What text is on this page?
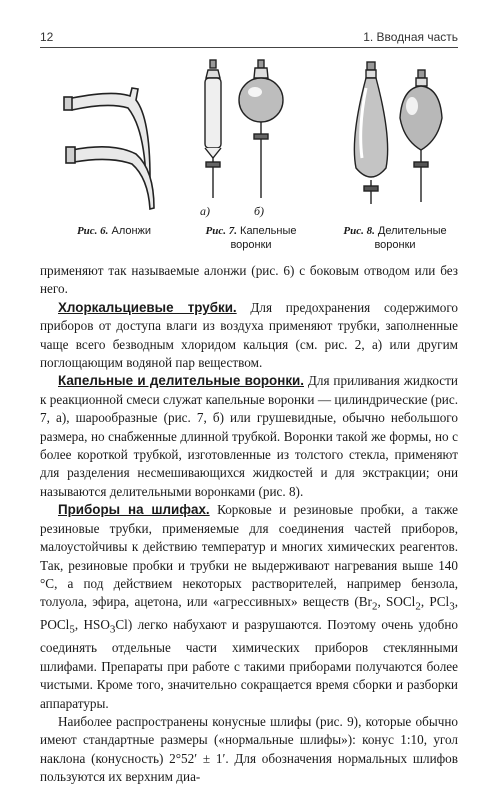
12	1. Вводная часть
а)	б)
Рис. 6. Алонжи	Рис. 7. Капельные
воронки
Рис. 8. Делительные
воронки

применяют так называемые алонжи (рис. 6) с боковым отводом или без него.

Хлоркальциевые трубки. Для предохранения содержимого приборов от доступа влаги из воздуха применяют трубки, заполненные чаще всего безводным хлоридом кальция (см. рис. 2, а) или другим поглощающим водяной пар веществом.

Капельные и делительные воронки. Для приливания жидкости к реакционной смеси служат капельные воронки — цилиндрические (рис. 7, а), шарообразные (рис. 7, б) или грушевидные, обычно небольшого размера, но снабженные длинной трубкой. Воронки такой же формы, но с более короткой трубкой, изготовленные из толстого стекла, применяют для разделения несмешивающихся жидкостей и для экстракции; они называются делительными воронками (рис. 8).

Приборы на шлифах. Корковые и резиновые пробки, а также резиновые трубки, применяемые для соединения частей приборов, малоустойчивы к действию температур и многих химических реагентов. Так, резиновые пробки и трубки не выдерживают нагревания выше 140 °С, а под действием некоторых растворителей, например бензола, толуола, эфира, ацетона, или «агрессивных» веществ ($Br_2$, SOCl$_2$, PCl$_3$, POCl$_5$, $HSO_3Cl$) легко набухают и разрушаются. Поэтому очень удобно соединять отдельные части химических приборов стеклянными шлифами. Препараты при работе с такими приборами получаются более чистыми. Кроме того, значительно сокращается время сборки и разборки аппаратуры.

Наиболее распространены конусные шлифы (рис. 9), которые обычно имеют стандартные размеры («нормальные шлифы»): конус 1:10, угол наклона (конусность) 2°52′ ± 1′. Для обозначения нормальных шлифов пользуются их верхним диа-
